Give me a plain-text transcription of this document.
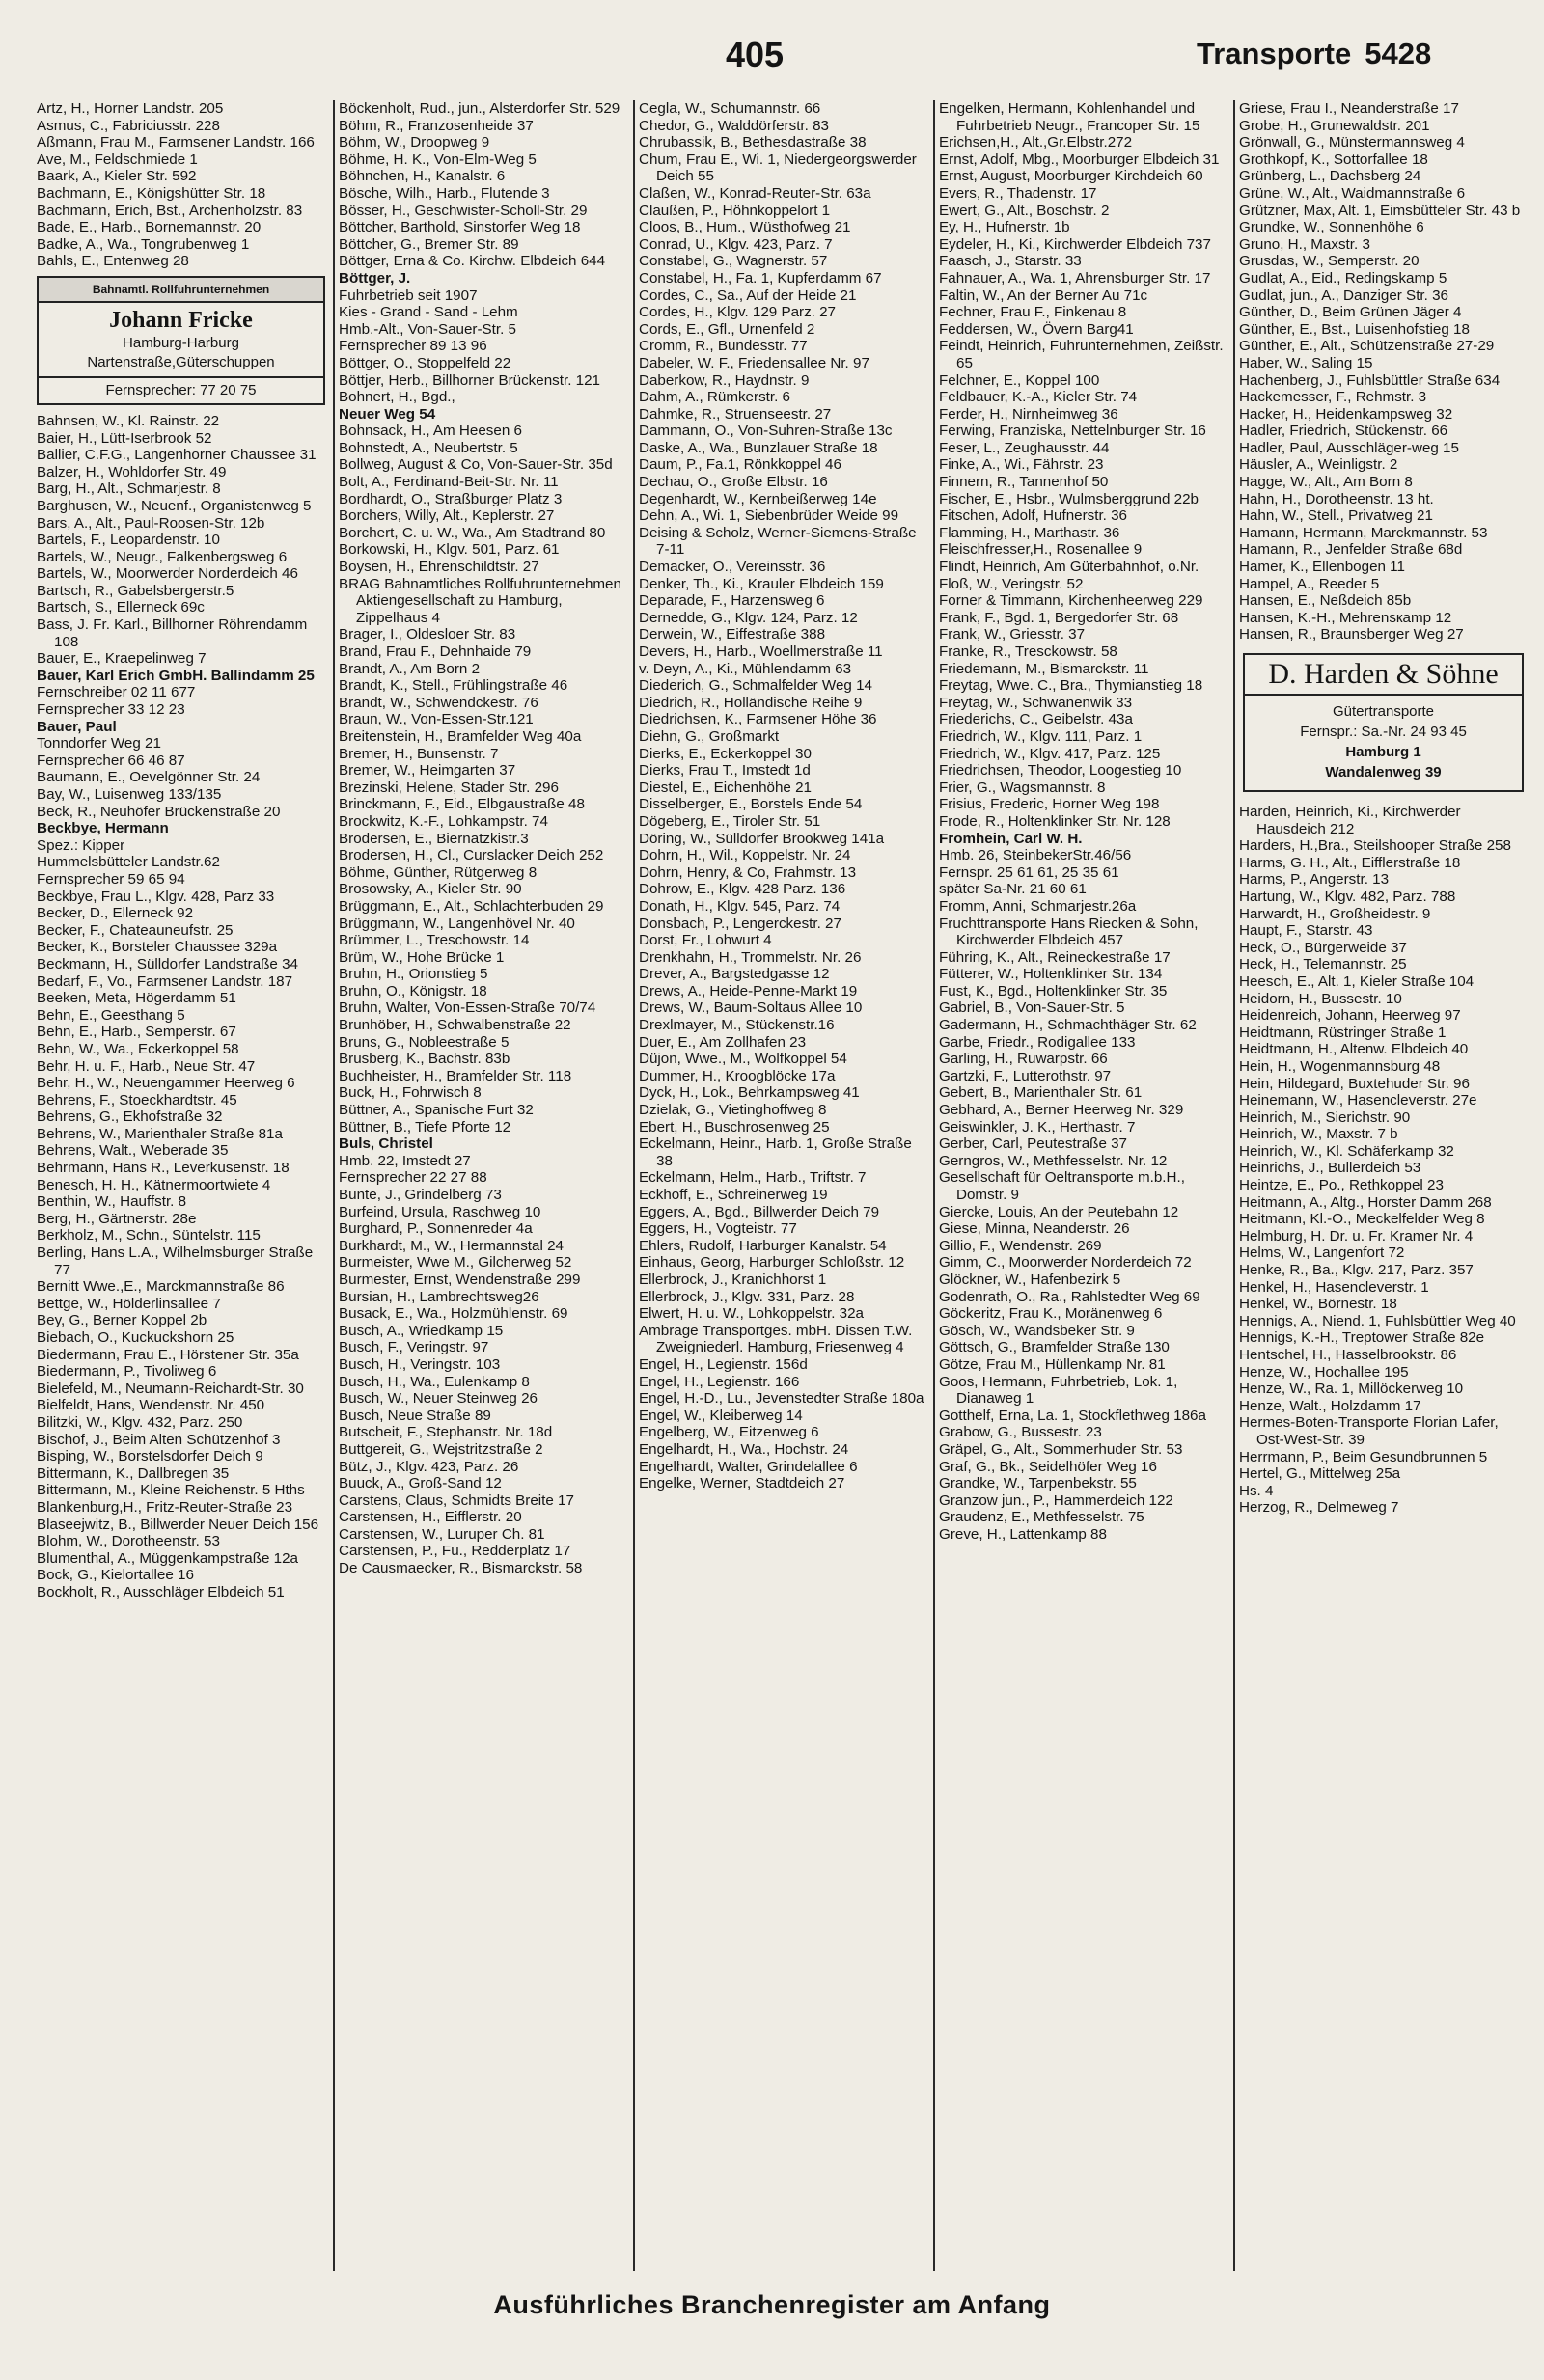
405	Transporte 5428
Artz, H., Horner Landstr. 205
Asmus, C., Fabriciusstr. 228
Aßmann, Frau M., Farmsener Landstr. 166
Ave, M., Feldschmiede 1
Baark, A., Kieler Str. 592
Bachmann, E., Königshütter Str. 18
Bachmann, Erich, Bst., Archenholzstr. 83
Bade, E., Harb., Bornemannstr. 20
Badke, A., Wa., Tongrubenweg 1
Bahls, E., Entenweg 28
Bahnamtl. Rollfuhrunternehmen
Johann Fricke
Hamburg-Harburg
Nartenstraße,Güterschuppen
Fernsprecher: 77 20 75
Bahnsen, W., Kl. Rainstr. 22
Baier, H., Lütt-Iserbrook 52
Ballier, C.F.G., Langenhorner Chaussee 31
Balzer, H., Wohldorfer Str. 49
Barg, H., Alt., Schmarjestr. 8
Barghusen, W., Neuenf., Organistenweg 5
Bars, A., Alt., Paul-Roosen-Str. 12b
Bartels, F., Leopardenstr. 10
Bartels, W., Neugr., Falkenbergsweg 6
Bartels, W., Moorwerder Norderdeich 46
Bartsch, R., Gabelsbergerstr.5
Bartsch, S., Ellerneck 69c
Bass, J. Fr. Karl., Billhorner Röhrendamm 108
Bauer, E., Kraepelinweg 7
Bauer, Karl Erich GmbH. Ballindamm 25
Fernschreiber 02 11 677
Fernsprecher 33 12 23
Bauer, Paul
Tonndorfer Weg 21
Fernsprecher 66 46 87
Baumann, E., Oevelgönner Str. 24
Bay, W., Luisenweg 133/135
Beck, R., Neuhöfer Brückenstraße 20
Beckbye, Hermann
Spez.: Kipper
Hummelsbütteler Landstr.62
Fernsprecher 59 65 94
Beckbye, Frau L., Klgv. 428, Parz 33
Becker, D., Ellerneck 92
Becker, F., Chateauneufstr. 25
Becker, K., Borsteler Chaussee 329a
Beckmann, H., Sülldorfer Landstraße 34
Bedarf, F., Vo., Farmsener Landstr. 187
Beeken, Meta, Högerdamm 51
Behn, E., Geesthang 5
Behn, E., Harb., Semperstr. 67
Behn, W., Wa., Eckerkoppel 58
Behr, H. u. F., Harb., Neue Str. 47
Behr, H., W., Neuengammer Heerweg 6
Behrens, F., Stoeckhardtstr. 45
Behrens, G., Ekhofstraße 32
Behrens, W., Marienthaler Straße 81a
Behrens, Walt., Weberade 35
Behrmann, Hans R., Leverkusenstr. 18
Benesch, H. H., Kätnermoortwiete 4
Benthin, W., Hauffstr. 8
Berg, H., Gärtnerstr. 28e
Berkholz, M., Schn., Süntelstr. 115
Berling, Hans L.A., Wilhelmsburger Straße 77
Bernitt Wwe.,E., Marckmannstraße 86
Bettge, W., Hölderlinsallee 7
Bey, G., Berner Koppel 2b
Biebach, O., Kuckuckshorn 25
Biedermann, Frau E., Hörstener Str. 35a
Biedermann, P., Tivoliweg 6
Bielefeld, M., Neumann-Reichardt-Str. 30
Bielfeldt, Hans, Wendenstr. Nr. 450
Bilitzki, W., Klgv. 432, Parz. 250
Bischof, J., Beim Alten Schützenhof 3
Bisping, W., Borstelsdorfer Deich 9
Bittermann, K., Dallbregen 35
Bittermann, M., Kleine Reichenstr. 5 Hths
Blankenburg,H., Fritz-Reuter-Straße 23
Blaseejwitz, B., Billwerder Neuer Deich 156
Blohm, W., Dorotheenstr. 53
Blumenthal, A., Müggenkampstraße 12a
Bock, G., Kielortallee 16
Bockholt, R., Ausschläger Elbdeich 51
Böckenholt, Rud., jun., Alsterdorfer Str. 529
Böhm, R., Franzosenheide 37
Böhm, W., Droopweg 9
Böhme, H. K., Von-Elm-Weg 5
Böhnchen, H., Kanalstr. 6
Bösche, Wilh., Harb., Flutende 3
Bösser, H., Geschwister-Scholl-Str. 29
Böttcher, Barthold, Sinstorfer Weg 18
Böttcher, G., Bremer Str. 89
Böttger, Erna & Co. Kirchw. Elbdeich 644
Böttger, J.
Fuhrbetrieb seit 1907
Kies - Grand - Sand - Lehm
Hmb.-Alt., Von-Sauer-Str. 5
Fernsprecher 89 13 96
Böttger, O., Stoppelfeld 22
Böttjer, Herb., Billhorner Brückenstr. 121
Bohnert, H., Bgd.,
Neuer Weg 54
Bohnsack, H., Am Heesen 6
Bohnstedt, A., Neubertstr. 5
Bollweg, August & Co, Von-Sauer-Str. 35d
Bolt, A., Ferdinand-Beit-Str. Nr. 11
Bordhardt, O., Straßburger Platz 3
Borchers, Willy, Alt., Keplerstr. 27
Borchert, C. u. W., Wa., Am Stadtrand 80
Borkowski, H., Klgv. 501, Parz. 61
Boysen, H., Ehrenschildtstr. 27
BRAG Bahnamtliches Rollfuhrunternehmen Aktiengesellschaft zu Hamburg, Zippelhaus 4
Brager, I., Oldesloer Str. 83
Brand, Frau F., Dehnhaide 79
Brandt, A., Am Born 2
Brandt, K., Stell., Frühlingstraße 46
Brandt, W., Schwendckestr. 76
Braun, W., Von-Essen-Str.121
Breitenstein, H., Bramfelder Weg 40a
Bremer, H., Bunsenstr. 7
Bremer, W., Heimgarten 37
Brezinski, Helene, Stader Str. 296
Brinckmann, F., Eid., Elbgaustraße 48
Brockwitz, K.-F., Lohkampstr. 74
Brodersen, E., Biernatzkistr.3
Brodersen, H., Cl., Curslacker Deich 252
Böhme, Günther, Rütgerweg 8
Brosowsky, A., Kieler Str. 90
Brüggmann, E., Alt., Schlachterbuden 29
Brüggmann, W., Langenhövel Nr. 40
Brümmer, L., Treschowstr. 14
Brüm, W., Hohe Brücke 1
Bruhn, H., Orionstieg 5
Bruhn, O., Königstr. 18
Bruhn, Walter, Von-Essen-Straße 70/74
Brunhöber, H., Schwalbenstraße 22
Bruns, G., Nobleestraße 5
Brusberg, K., Bachstr. 83b
Buchheister, H., Bramfelder Str. 118
Buck, H., Fohrwisch 8
Büttner, A., Spanische Furt 32
Büttner, B., Tiefe Pforte 12
Buls, Christel
Hmb. 22, Imstedt 27
Fernsprecher 22 27 88
Bunte, J., Grindelberg 73
Burfeind, Ursula, Raschweg 10
Burghard, P., Sonnenreder 4a
Burkhardt, M., W., Hermannstal 24
Burmeister, Wwe M., Gilcherweg 52
Burmester, Ernst, Wendenstraße 299
Bursian, H., Lambrechtsweg26
Busack, E., Wa., Holzmühlenstr. 69
Busch, A., Wriedkamp 15
Busch, F., Veringstr. 97
Busch, H., Veringstr. 103
Busch, H., Wa., Eulenkamp 8
Busch, W., Neuer Steinweg 26
Busch, Neue Straße 89
Butscheit, F., Stephanstr. Nr. 18d
Buttgereit, G., Wejstritzstraße 2
Bütz, J., Klgv. 423, Parz. 26
Buuck, A., Groß-Sand 12
Carstens, Claus, Schmidts Breite 17
Carstensen, H., Eifflerstr. 20
Carstensen, W., Luruper Ch. 81
Carstensen, P., Fu., Redderplatz 17
De Causmaecker, R., Bismarckstr. 58
Cegla, W., Schumannstr. 66
Chedor, G., Walddörferstr. 83
Chrubassik, B., Bethesdastraße 38
Chum, Frau E., Wi. 1, Niedergeorgswerder Deich 55
Claßen, W., Konrad-Reuter-Str. 63a
Claußen, P., Höhnkoppelort 1
Cloos, B., Hum., Wüsthofweg 21
Conrad, U., Klgv. 423, Parz. 7
Constabel, G., Wagnerstr. 57
Constabel, H., Fa. 1, Kupferdamm 67
Cordes, C., Sa., Auf der Heide 21
Cordes, H., Klgv. 129 Parz. 27
Cords, E., Gfl., Urnenfeld 2
Cromm, R., Bundesstr. 77
Dabeler, W. F., Friedensallee Nr. 97
Daberkow, R., Haydnstr. 9
Dahm, A., Rümkerstr. 6
Dahmke, R., Struenseestr. 27
Dammann, O., Von-Suhren-Straße 13c
Daske, A., Wa., Bunzlauer Straße 18
Daum, P., Fa.1, Rönkkoppel 46
Dechau, O., Große Elbstr. 16
Degenhardt, W., Kernbeißerweg 14e
Dehn, A., Wi. 1, Siebenbrüder Weide 99
Deising & Scholz, Werner-Siemens-Straße 7-11
Demacker, O., Vereinsstr. 36
Denker, Th., Ki., Krauler Elbdeich 159
Deparade, F., Harzensweg 6
Derneddе, G., Klgv. 124, Parz. 12
Derwein, W., Eiffestraße 388
Devers, H., Harb., Woellmerstraße 11
v. Deyn, A., Ki., Mühlendamm 63
Diederich, G., Schmalfelder Weg 14
Diedrich, R., Holländische Reihe 9
Diedrichsen, K., Farmsener Höhe 36
Diehn, G., Großmarkt
Dierks, E., Eckerkoppel 30
Dierks, Frau T., Imstedt 1d
Diestel, E., Eichenhöhe 21
Disselberger, E., Borstels Ende 54
Dögeberg, E., Tiroler Str. 51
Döring, W., Sülldorfer Brookweg 141a
Dohrn, H., Wil., Koppelstr. Nr. 24
Dohrn, Henry, & Co, Frahmstr. 13
Dohrow, E., Klgv. 428 Parz. 136
Donath, H., Klgv. 545, Parz. 74
Donsbach, P., Lengerckestr. 27
Dorst, Fr., Lohwurt 4
Drenkhahn, H., Trommelstr. Nr. 26
Drever, A., Bargstedgasse 12
Drews, A., Heide-Penne-Markt 19
Drews, W., Baum-Soltaus Allee 10
Drexlmayer, M., Stückenstr.16
Duer, E., Am Zollhafen 23
Düjon, Wwe., M., Wolfkoppel 54
Dummer, H., Kroogblöcke 17a
Dyck, H., Lok., Behrkampsweg 41
Dzielak, G., Vietinghoffweg 8
Ebert, H., Buschrosenweg 25
Eckelmann, Heinr., Harb. 1, Große Straße 38
Eckelmann, Helm., Harb., Triftstr. 7
Eckhoff, E., Schreinerweg 19
Eggers, A., Bgd., Billwerder Deich 79
Eggers, H., Vogteistr. 77
Ehlers, Rudolf, Harburger Kanalstr. 54
Einhaus, Georg, Harburger Schloßstr. 12
Ellerbrock, J., Kranichhorst 1
Ellerbrock, J., Klgv. 331, Parz. 28
Elwert, H. u. W., Lohkoppelstr. 32a
Ambrage Transportges. mbH. Dissen T.W. Zweigniederl. Hamburg, Friesenweg 4
Engel, H., Legienstr. 156d
Engel, H., Legienstr. 166
Engel, H.-D., Lu., Jevenstedter Straße 180a
Engel, W., Kleiberweg 14
Engelberg, W., Eitzenweg 6
Engelhardt, H., Wa., Hochstr. 24
Engelhardt, Walter, Grindelallee 6
Engelke, Werner, Stadtdeich 27
Engelken, Hermann, Kohlenhandel und Fuhrbetrieb Neugr., Francoper Str. 15
Erichsen,H., Alt.,Gr.Elbstr.272
Ernst, Adolf, Mbg., Moorburger Elbdeich 31
Ernst, August, Moorburger Kirchdeich 60
Evers, R., Thadenstr. 17
Ewert, G., Alt., Boschstr. 2
Ey, H., Hufnerstr. 1b
Eydeler, H., Ki., Kirchwerder Elbdeich 737
Faasch, J., Starstr. 33
Fahnauer, A., Wa. 1, Ahrensburger Str. 17
Faltin, W., An der Berner Au 71c
Fechner, Frau F., Finkenau 8
Feddersen, W., Övern Barg41
Feindt, Heinrich, Fuhrunternehmen, Zeißstr. 65
Felchner, E., Koppel 100
Feldbauer, K.-A., Kieler Str. 74
Ferder, H., Nirnheimweg 36
Ferwing, Franziska, Nettelnburger Str. 16
Feser, L., Zeughausstr. 44
Finke, A., Wi., Fährstr. 23
Finnern, R., Tannenhof 50
Fischer, E., Hsbr., Wulmsberggrund 22b
Fitschen, Adolf, Hufnerstr. 36
Flamming, H., Marthastr. 36
Fleischfresser,H., Rosenallee 9
Flindt, Heinrich, Am Güterbahnhof, o.Nr.
Floß, W., Veringstr. 52
Forner & Timmann, Kirchenheerweg 229
Frank, F., Bgd. 1, Bergedorfer Str. 68
Frank, W., Griesstr. 37
Franke, R., Tresckowstr. 58
Friedemann, M., Bismarckstr. 11
Freytag, Wwe. C., Bra., Thymianstieg 18
Freytag, W., Schwanenwik 33
Friederichs, C., Geibelstr. 43a
Friedrich, W., Klgv. 111, Parz. 1
Friedrich, W., Klgv. 417, Parz. 125
Friedrichsen, Theodor, Loogestieg 10
Frier, G., Wagsmannstr. 8
Frisius, Frederic, Horner Weg 198
Frode, R., Holtenklinker Str. Nr. 128
Fromhein, Carl W. H.
Hmb. 26, SteinbekerStr.46/56
Fernspr. 25 61 61, 25 35 61
später Sa-Nr. 21 60 61
Fromm, Anni, Schmarjestr.26a
Fruchttransporte Hans Riecken & Sohn, Kirchwerder Elbdeich 457
Führing, K., Alt., Reineckestraße 17
Fütterer, W., Holtenklinker Str. 134
Fust, K., Bgd., Holtenklinker Str. 35
Gabriel, B., Von-Sauer-Str. 5
Gadermann, H., Schmachthäger Str. 62
Garbe, Friedr., Rodigallee 133
Garling, H., Ruwarpstr. 66
Gartzki, F., Lutterothstr. 97
Gebert, B., Marienthaler Str. 61
Gebhard, A., Berner Heerweg Nr. 329
Geiswinkler, J. K., Herthastr. 7
Gerber, Carl, Peutestraße 37
Gerngros, W., Methfesselstr. Nr. 12
Gesellschaft für Oeltransporte m.b.H., Domstr. 9
Giercke, Louis, An der Peutebahn 12
Giese, Minna, Neanderstr. 26
Gillio, F., Wendenstr. 269
Gimm, C., Moorwerder Norderdeich 72
Glöckner, W., Hafenbezirk 5
Godenrath, O., Ra., Rahlstedter Weg 69
Göckeritz, Frau K., Moränenweg 6
Gösch, W., Wandsbeker Str. 9
Göttsch, G., Bramfelder Straße 130
Götze, Frau M., Hüllenkamp Nr. 81
Goos, Hermann, Fuhrbetrieb, Lok. 1, Dianaweg 1
Gotthelf, Erna, La. 1, Stockflethweg 186a
Grabow, G., Bussestr. 23
Gräpel, G., Alt., Sommerhuder Str. 53
Graf, G., Bk., Seidelhöfer Weg 16
Grandke, W., Tarpenbekstr. 55
Granzow jun., P., Hammerdeich 122
Graudenz, E., Methfesselstr. 75
Greve, H., Lattenkamp 88
Griese, Frau I., Neanderstraße 17
Grobe, H., Grunewaldstr. 201
Grönwall, G., Münstermannsweg 4
Grothkopf, K., Sottorfallee 18
Grünberg, L., Dachsberg 24
Grüne, W., Alt., Waidmannstraße 6
Grützner, Max, Alt. 1, Eimsbütteler Str. 43 b
Grundke, W., Sonnenhöhe 6
Gruno, H., Maxstr. 3
Grusdas, W., Semperstr. 20
Gudlat, A., Eid., Redingskamp 5
Gudlat, jun., A., Danziger Str. 36
Günther, D., Beim Grünen Jäger 4
Günther, E., Bst., Luisenhofstieg 18
Günther, E., Alt., Schützenstraße 27-29
Haber, W., Saling 15
Hachenberg, J., Fuhlsbüttler Straße 634
Hackemesser, F., Rehmstr. 3
Hacker, H., Heidenkampsweg 32
Hadler, Friedrich, Stückenstr. 66
Hadler, Paul, Ausschläger-weg 15
Häusler, A., Weinligstr. 2
Hagge, W., Alt., Am Born 8
Hahn, H., Dorotheenstr. 13 ht.
Hahn, W., Stell., Privatweg 21
Hamann, Hermann, Marckmannstr. 53
Hamann, R., Jenfelder Straße 68d
Hamer, K., Ellenbogen 11
Hampel, A., Reeder 5
Hansen, E., Neßdeich 85b
Hansen, K.-H., Mehrensкamp 12
Hansen, R., Braunsberger Weg 27
D. Harden & Söhne
Gütertransporte
Fernspr.: Sa.-Nr. 24 93 45
Hamburg 1
Wandalenweg 39
Harden, Heinrich, Ki., Kirchwerder Hausdeich 212
Harders, H.,Bra., Steilshooper Straße 258
Harms, G. H., Alt., Eifflerstraße 18
Harms, P., Angerstr. 13
Hartung, W., Klgv. 482, Parz. 788
Harwardt, H., Großheidestr. 9
Haupt, F., Starstr. 43
Heck, O., Bürgerweide 37
Heck, H., Telemannstr. 25
Heesch, E., Alt. 1, Kieler Straße 104
Heidorn, H., Bussestr. 10
Heidenreich, Johann, Heerweg 97
Heidtmann, Rüstringer Straße 1
Heidtmann, H., Altenw. Elbdeich 40
Hein, H., Wogenmannsburg 48
Hein, Hildegard, Buxtehuder Str. 96
Heinemann, W., Hasencleverstr. 27e
Heinrich, M., Sierichstr. 90
Heinrich, W., Maxstr. 7 b
Heinrich, W., Kl. Schäferkamp 32
Heinrichs, J., Bullerdeich 53
Heintze, E., Po., Rethkoppel 23
Heitmann, A., Altg., Horster Damm 268
Heitmann, Kl.-O., Meckelfelder Weg 8
Helmburg, H. Dr. u. Fr. Kramer Nr. 4
Helms, W., Langenfort 72
Henke, R., Ba., Klgv. 217, Parz. 357
Henkel, H., Hasencleverstr. 1
Henkel, W., Börnestr. 18
Hennigs, A., Niend. 1, Fuhlsbüttler Weg 40
Hennigs, K.-H., Treptower Straße 82e
Hentschel, H., Hasselbrookstr. 86
Henze, W., Hochallee 195
Henze, W., Ra. 1, Millöckerweg 10
Henze, Walt., Holzdamm 17
Hermes-Boten-Transporte Florian Lafer, Ost-West-Str. 39
Herrmann, P., Beim Gesundbrunnen 5
Hertel, G., Mittelweg 25a
Hs. 4
Herzog, R., Delmeweg 7
Ausführliches Branchenregister am Anfang
